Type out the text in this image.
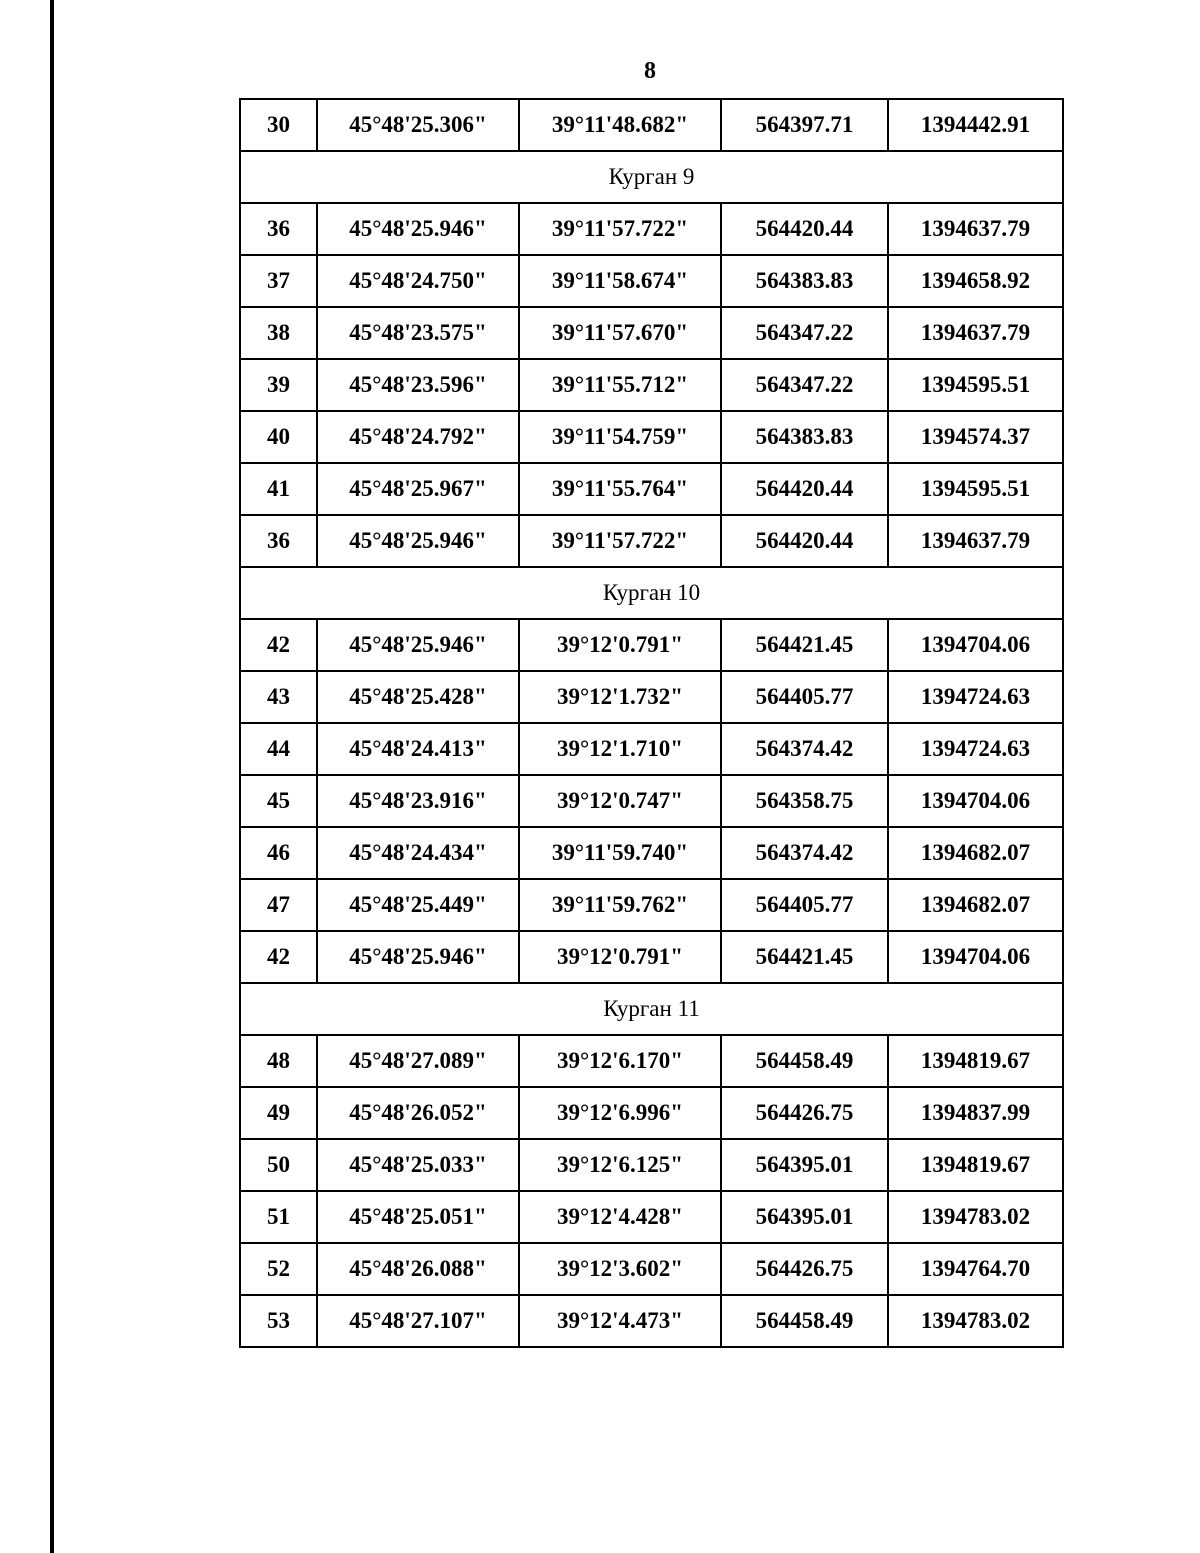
8
30	45°48'25.306"	39°11'48.682"	564397.71	1394442.91
Курган 9				
36	45°48'25.946"	39°11'57.722"	564420.44	1394637.79
37	45°48'24.750"	39°11'58.674"	564383.83	1394658.92
38	45°48'23.575"	39°11'57.670"	564347.22	1394637.79
39	45°48'23.596"	39°11'55.712"	564347.22	1394595.51
40	45°48'24.792"	39°11'54.759"	564383.83	1394574.37
41	45°48'25.967"	39°11'55.764"	564420.44	1394595.51
36	45°48'25.946"	39°11'57.722"	564420.44	1394637.79
Курган 10				
42	45°48'25.946"	39°12'0.791"	564421.45	1394704.06
43	45°48'25.428"	39°12'1.732"	564405.77	1394724.63
44	45°48'24.413"	39°12'1.710"	564374.42	1394724.63
45	45°48'23.916"	39°12'0.747"	564358.75	1394704.06
46	45°48'24.434"	39°11'59.740"	564374.42	1394682.07
47	45°48'25.449"	39°11'59.762"	564405.77	1394682.07
42	45°48'25.946"	39°12'0.791"	564421.45	1394704.06
Курган 11				
48	45°48'27.089"	39°12'6.170"	564458.49	1394819.67
49	45°48'26.052"	39°12'6.996"	564426.75	1394837.99
50	45°48'25.033"	39°12'6.125"	564395.01	1394819.67
51	45°48'25.051"	39°12'4.428"	564395.01	1394783.02
52	45°48'26.088"	39°12'3.602"	564426.75	1394764.70
53	45°48'27.107"	39°12'4.473"	564458.49	1394783.02
